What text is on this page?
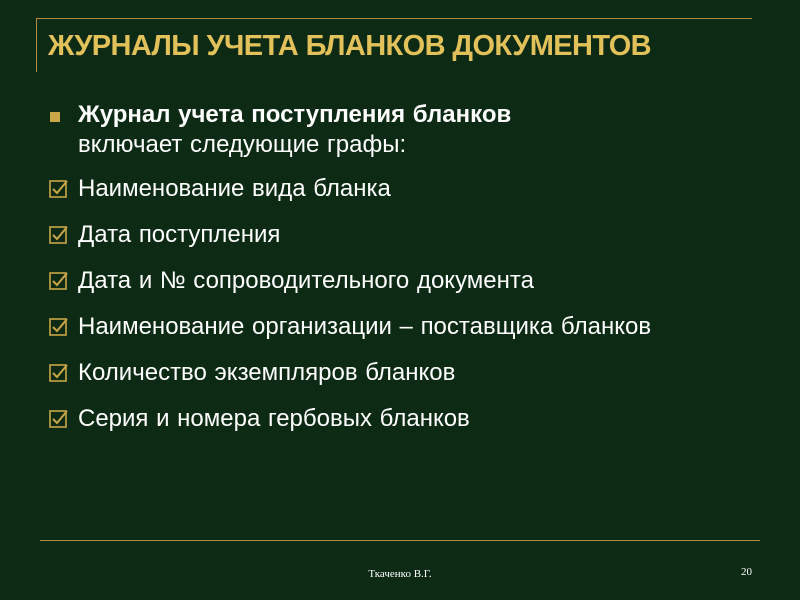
ЖУРНАЛЫ УЧЕТА БЛАНКОВ ДОКУМЕНТОВ
Журнал учета поступления бланков
включает следующие графы:
Наименование вида бланка
Дата поступления
Дата и № сопроводительного документа
Наименование организации – поставщика бланков
Количество экземпляров бланков
Серия и номера гербовых бланков
Ткаченко В.Г.	20
